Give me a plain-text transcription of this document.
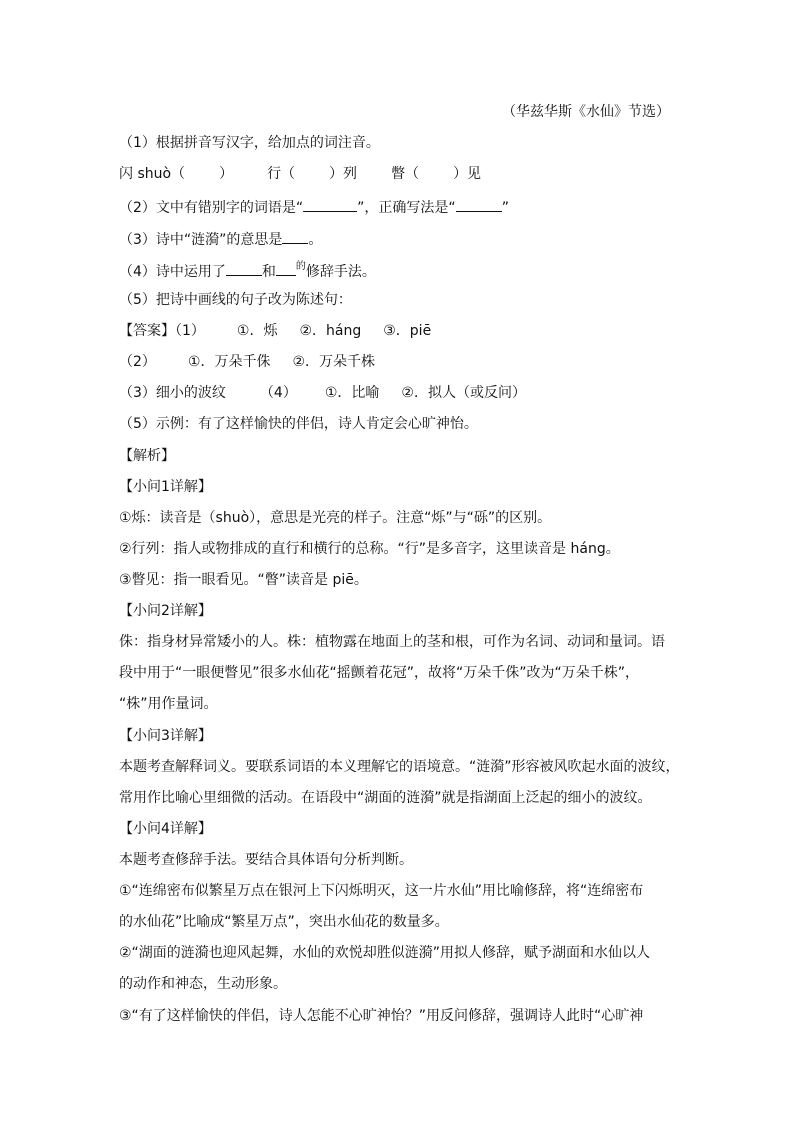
（华兹华斯《水仙》节选）
（1）根据拼音写汉字，给加点的词注音。
闪 shuò（ ） 行（ ）列 瞥（ ）见
（2）文中有错别字的词语是“	”，正确写法是“	”
（3）诗中“涟漪”的意思是 。
（4）诗中运用了	和 $^的$修辞手法。
（5）把诗中画线的句子改为陈述句：
【答案】（1） ①．烁 ②．háng ③．piē
（2） ①．万朵千侏 ②．万朵千株
（3）细小的波纹 （4） ①．比喻 ②．拟人（或反问）
（5）示例：有了这样愉快的伴侣，诗人肯定会心旷神怡。
【解析】
【小问1详解】
①烁：读音是（shuò），意思是光亮的样子。注意“烁”与“砾”的区别。
②行列：指人或物排成的直行和横行的总称。“行”是多音字，这里读音是 háng。
③瞥见：指一眼看见。“瞥”读音是 piē。
【小问2详解】
侏：指身材异常矮小的人。株：植物露在地面上的茎和根，可作为名词、动词和量词。语
段中用于“一眼便瞥见”很多水仙花“摇颤着花冠”，故将“万朵千侏”改为“万朵千株”，
“株”用作量词。
【小问3详解】
本题考查解释词义。要联系词语的本义理解它的语境意。“涟漪”形容被风吹起水面的波纹，
常用作比喻心里细微的活动。在语段中“湖面的涟漪”就是指湖面上泛起的细小的波纹。
【小问4详解】
本题考查修辞手法。要结合具体语句分析判断。
①“连绵密布似繁星万点在银河上下闪烁明灭，这一片水仙”用比喻修辞，将“连绵密布
的水仙花”比喻成“繁星万点”，突出水仙花的数量多。
②“湖面的涟漪也迎风起舞，水仙的欢悦却胜似涟漪”用拟人修辞，赋予湖面和水仙以人
的动作和神态，生动形象。
③“有了这样愉快的伴侣，诗人怎能不心旷神怡？”用反问修辞，强调诗人此时“心旷神
